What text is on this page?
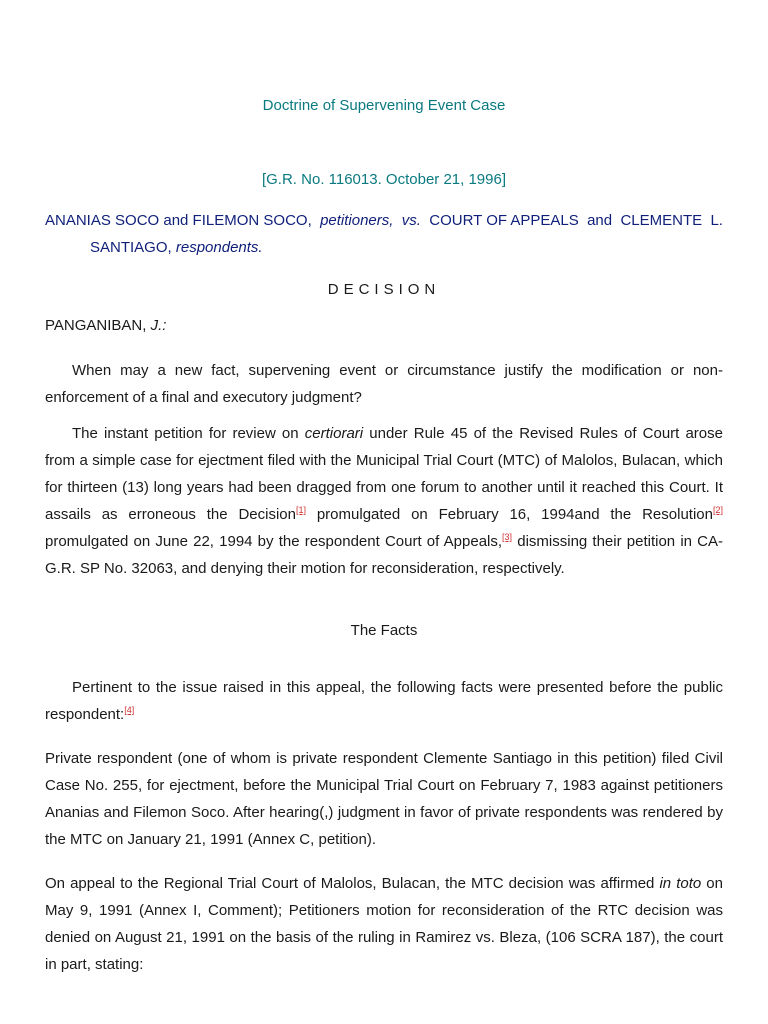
Doctrine of Supervening Event Case
[G.R. No. 116013. October 21, 1996]
ANANIAS SOCO and FILEMON SOCO, petitioners, vs. COURT OF APPEALS and CLEMENTE L.
SANTIAGO, respondents.
DECISION
PANGANIBAN, J.:
When may a new fact, supervening event or circumstance justify the modification or non-enforcement of a final and executory judgment?
The instant petition for review on certiorari under Rule 45 of the Revised Rules of Court arose from a simple case for ejectment filed with the Municipal Trial Court (MTC) of Malolos, Bulacan, which for thirteen (13) long years had been dragged from one forum to another until it reached this Court. It assails as erroneous the Decision[1] promulgated on February 16, 1994and the Resolution[2] promulgated on June 22, 1994 by the respondent Court of Appeals,[3] dismissing their petition in CA-G.R. SP No. 32063, and denying their motion for reconsideration, respectively.
The Facts
Pertinent to the issue raised in this appeal, the following facts were presented before the public respondent:[4]
Private respondent (one of whom is private respondent Clemente Santiago in this petition) filed Civil Case No. 255, for ejectment, before the Municipal Trial Court on February 7, 1983 against petitioners Ananias and Filemon Soco. After hearing(,) judgment in favor of private respondents was rendered by the MTC on January 21, 1991 (Annex C, petition).
On appeal to the Regional Trial Court of Malolos, Bulacan, the MTC decision was affirmed in toto on May 9, 1991 (Annex I, Comment); Petitioners motion for reconsideration of the RTC decision was denied on August 21, 1991 on the basis of the ruling in Ramirez vs. Bleza, (106 SCRA 187), the court in part, stating:
